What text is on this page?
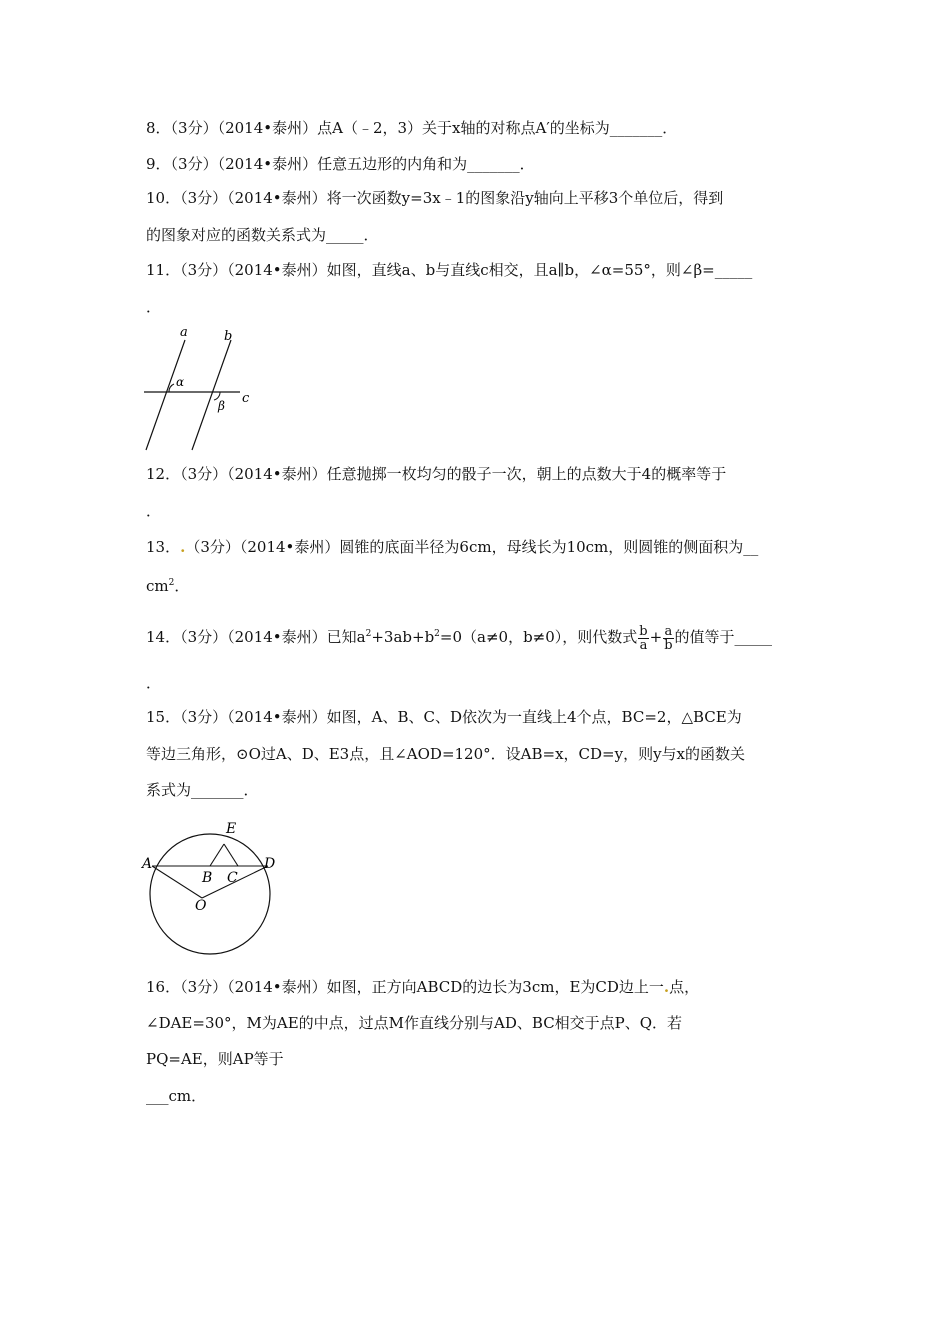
8．（3分）（2014•泰州）点A（﹣2，3）关于x轴的对称点A′的坐标为_______．
9．（3分）（2014•泰州）任意五边形的内角和为_______．
10．（3分）（2014•泰州）将一次函数y=3x﹣1的图象沿y轴向上平移3个单位后，得到
的图象对应的函数关系式为_____．
11．（3分）（2014•泰州）如图，直线a、b与直线c相交，且a∥b，∠α=55°，则∠β=_____
．
a	b
c
α
β
12．（3分）（2014•泰州）任意抛掷一枚均匀的骰子一次，朝上的点数大于4的概率等于
．
13．.（3分）（2014•泰州）圆锥的底面半径为6cm，母线长为10cm，则圆锥的侧面积为__
$cm^2$．
14．（3分）（2014•泰州）已知$a^2+3ab+b^2=0(a\ne 0$，b≠0），则代数式 $\frac{b}{a} + \frac{a}{b}$ 的值等于_____
．
15．（3分）（2014•泰州）如图，A、B、C、D依次为一直线上4个点，BC=2，△BCE为
等边三角形，⊙O过A、D、E3点，且∠AOD=120°．设AB=x，CD=y，则y与x的函数关
系式为_______．
A
B C
D
E
O
16．（3分）（2014•泰州）如图，正方向ABCD的边长为3cm，E为CD边上一.点，
∠DAE=30°，M为AE的中点，过点M作直线分别与AD、BC相交于点P、Q．若
PQ=AE，则AP等于
___cm．
